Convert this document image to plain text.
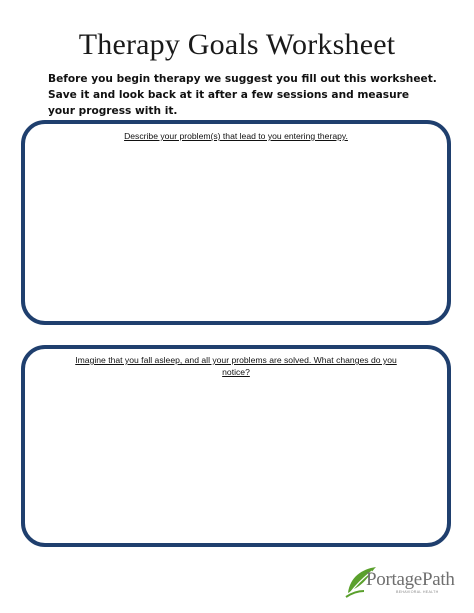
Therapy Goals Worksheet
Before you begin therapy we suggest you fill out this worksheet. Save it and look back at it after a few sessions and measure your progress with it.
Describe your problem(s) that lead to you entering therapy.
Imagine that you fall asleep, and all your problems are solved. What changes do you notice?
PortagePath
BEHAVIORAL HEALTH
